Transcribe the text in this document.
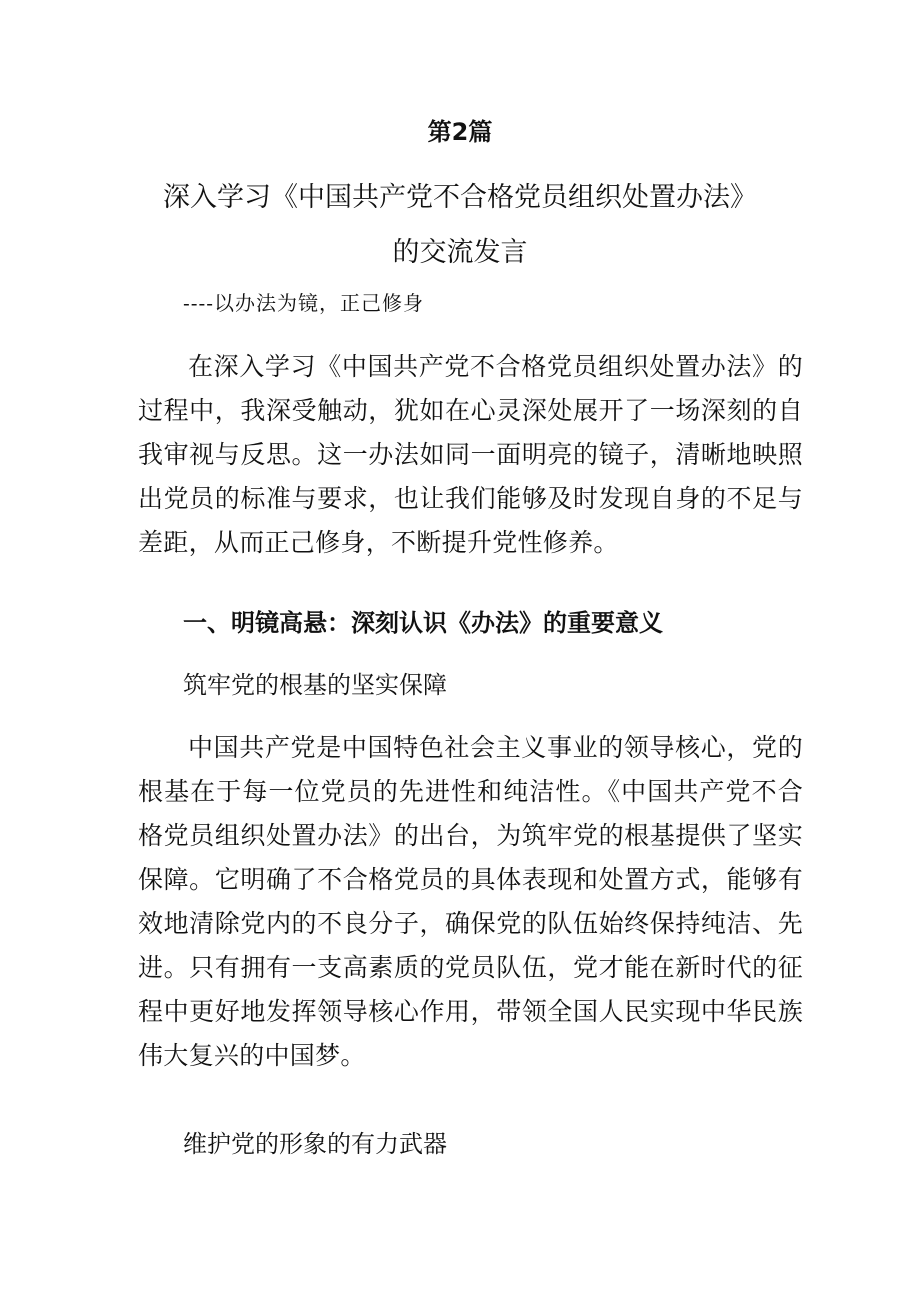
第2篇
深入学习《中国共产党不合格党员组织处置办法》的交流发言
----以办法为镜，正己修身

在深入学习《中国共产党不合格党员组织处置办法》的过程中，我深受触动，犹如在心灵深处展开了一场深刻的自我审视与反思。这一办法如同一面明亮的镜子，清晰地映照出党员的标准与要求，也让我们能够及时发现自身的不足与差距，从而正己修身，不断提升党性修养。

一、明镜高悬：深刻认识《办法》的重要意义
筑牢党的根基的坚实保障

中国共产党是中国特色社会主义事业的领导核心，党的根基在于每一位党员的先进性和纯洁性。《中国共产党不合格党员组织处置办法》的出台，为筑牢党的根基提供了坚实保障。它明确了不合格党员的具体表现和处置方式，能够有效地清除党内的不良分子，确保党的队伍始终保持纯洁、先进。只有拥有一支高素质的党员队伍，党才能在新时代的征程中更好地发挥领导核心作用，带领全国人民实现中华民族伟大复兴的中国梦。

维护党的形象的有力武器
